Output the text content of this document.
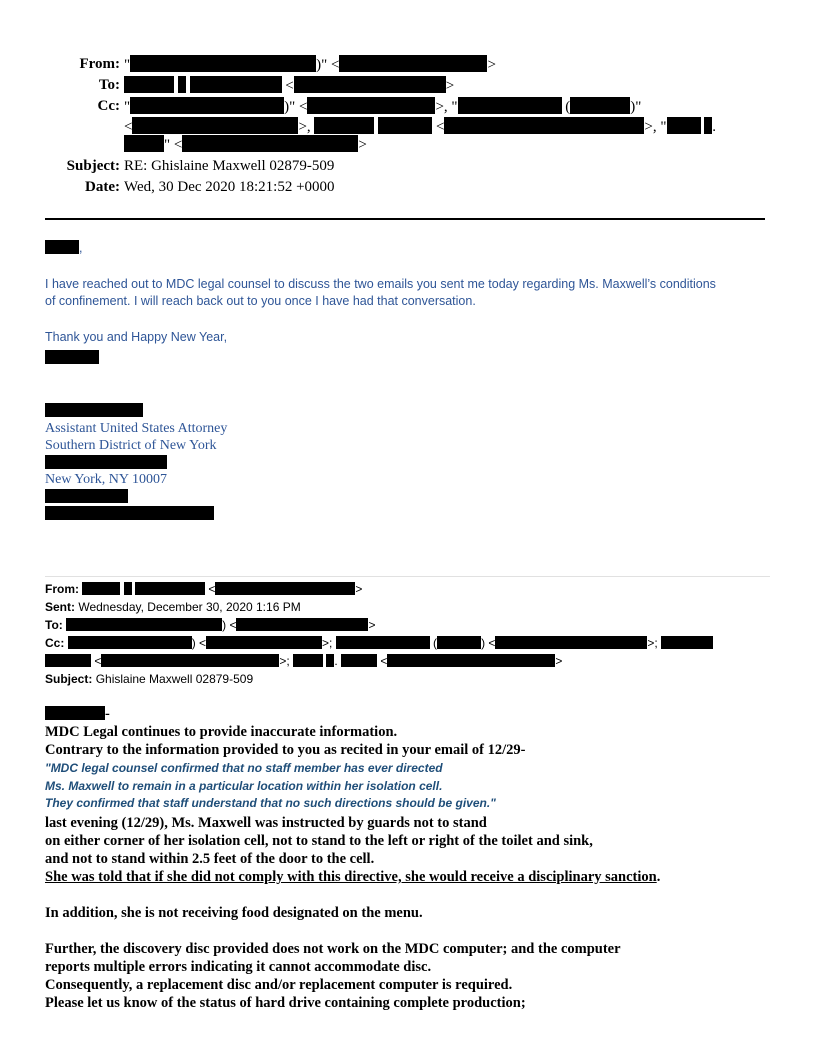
From: "	)" <	>
To:	<	>
Cc: "	)" <	>, "	(	)"
<	>,	<	>, "	.
" <	>
Subject: RE: Ghislaine Maxwell 02879-509
Date: Wed, 30 Dec 2020 18:21:52 +0000
,
I have reached out to MDC legal counsel to discuss the two emails you sent me today regarding Ms. Maxwell’s conditions
of confinement. I will reach back out to you once I have had that conversation.
Thank you and Happy New Year,
Assistant United States Attorney
Southern District of New York
New York, NY 10007
From:	<	>
Sent: Wednesday, December 30, 2020 1:16 PM
To:	) <	>
Cc:	) <	>;	(	) <	>;
<	>;	.	<	>
Subject: Ghislaine Maxwell 02879-509
-
MDC Legal continues to provide inaccurate information.
Contrary to the information provided to you as recited in your email of 12/29-
"MDC legal counsel confirmed that no staff member has ever directed
Ms. Maxwell to remain in a particular location within her isolation cell.
They confirmed that staff understand that no such directions should be given."
last evening (12/29), Ms. Maxwell was instructed by guards not to stand
on either corner of her isolation cell, not to stand to the left or right of the toilet and sink,
and not to stand within 2.5 feet of the door to the cell.
She was told that if she did not comply with this directive, she would receive a disciplinary sanction.
In addition, she is not receiving food designated on the menu.
Further, the discovery disc provided does not work on the MDC computer; and the computer
reports multiple errors indicating it cannot accommodate disc.
Consequently, a replacement disc and/or replacement computer is required.
Please let us know of the status of hard drive containing complete production;
